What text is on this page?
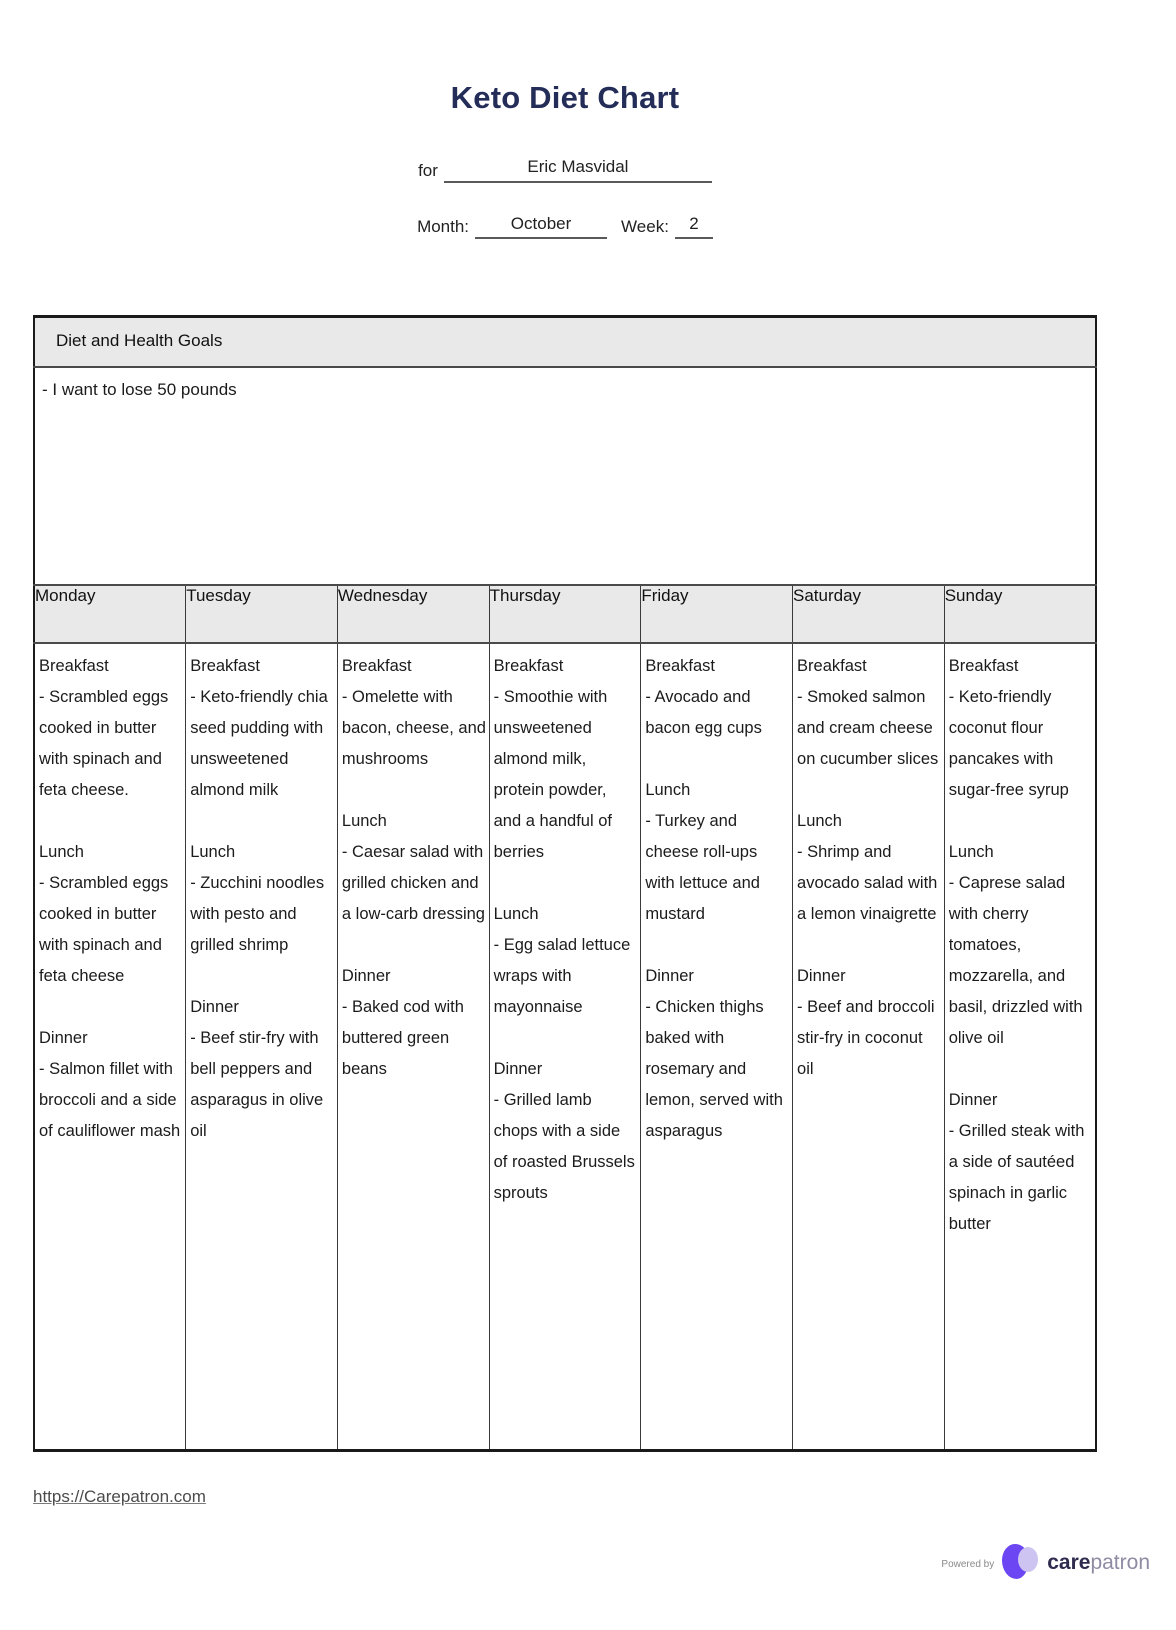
Keto Diet Chart
for	Eric Masvidal
Month:	October	Week:	2
Diet and Health Goals						
- I want to lose 50 pounds						
Monday	Tuesday	Wednesday	Thursday	Friday	Saturday	Sunday

Breakfast
- Scrambled eggs cooked in butter with spinach and feta cheese.
Lunch
- Scrambled eggs cooked in butter with spinach and feta cheese
Dinner
- Salmon fillet with broccoli and a side of cauliflower mash

Breakfast
- Keto-friendly chia seed pudding with unsweetened almond milk
Lunch
- Zucchini noodles with pesto and grilled shrimp
Dinner
- Beef stir-fry with bell peppers and asparagus in olive oil

Breakfast
- Omelette with bacon, cheese, and mushrooms
Lunch
- Caesar salad with grilled chicken and a low-carb dressing
Dinner
- Baked cod with buttered green beans

Breakfast
- Smoothie with unsweetened almond milk, protein powder, and a handful of berries
Lunch
- Egg salad lettuce wraps with mayonnaise
Dinner
- Grilled lamb chops with a side of roasted Brussels sprouts

Breakfast
- Avocado and bacon egg cups
Lunch
- Turkey and cheese roll-ups with lettuce and mustard
Dinner
- Chicken thighs baked with rosemary and lemon, served with asparagus

Breakfast
- Smoked salmon and cream cheese on cucumber slices
Lunch
- Shrimp and avocado salad with a lemon vinaigrette
Dinner
- Beef and broccoli stir-fry in coconut oil

Breakfast
- Keto-friendly coconut flour pancakes with sugar-free syrup
Lunch
- Caprese salad with cherry tomatoes, mozzarella, and basil, drizzled with olive oil
Dinner
- Grilled steak with a side of sautéed spinach in garlic butter
https://Carepatron.com
Powered by	carepatron
